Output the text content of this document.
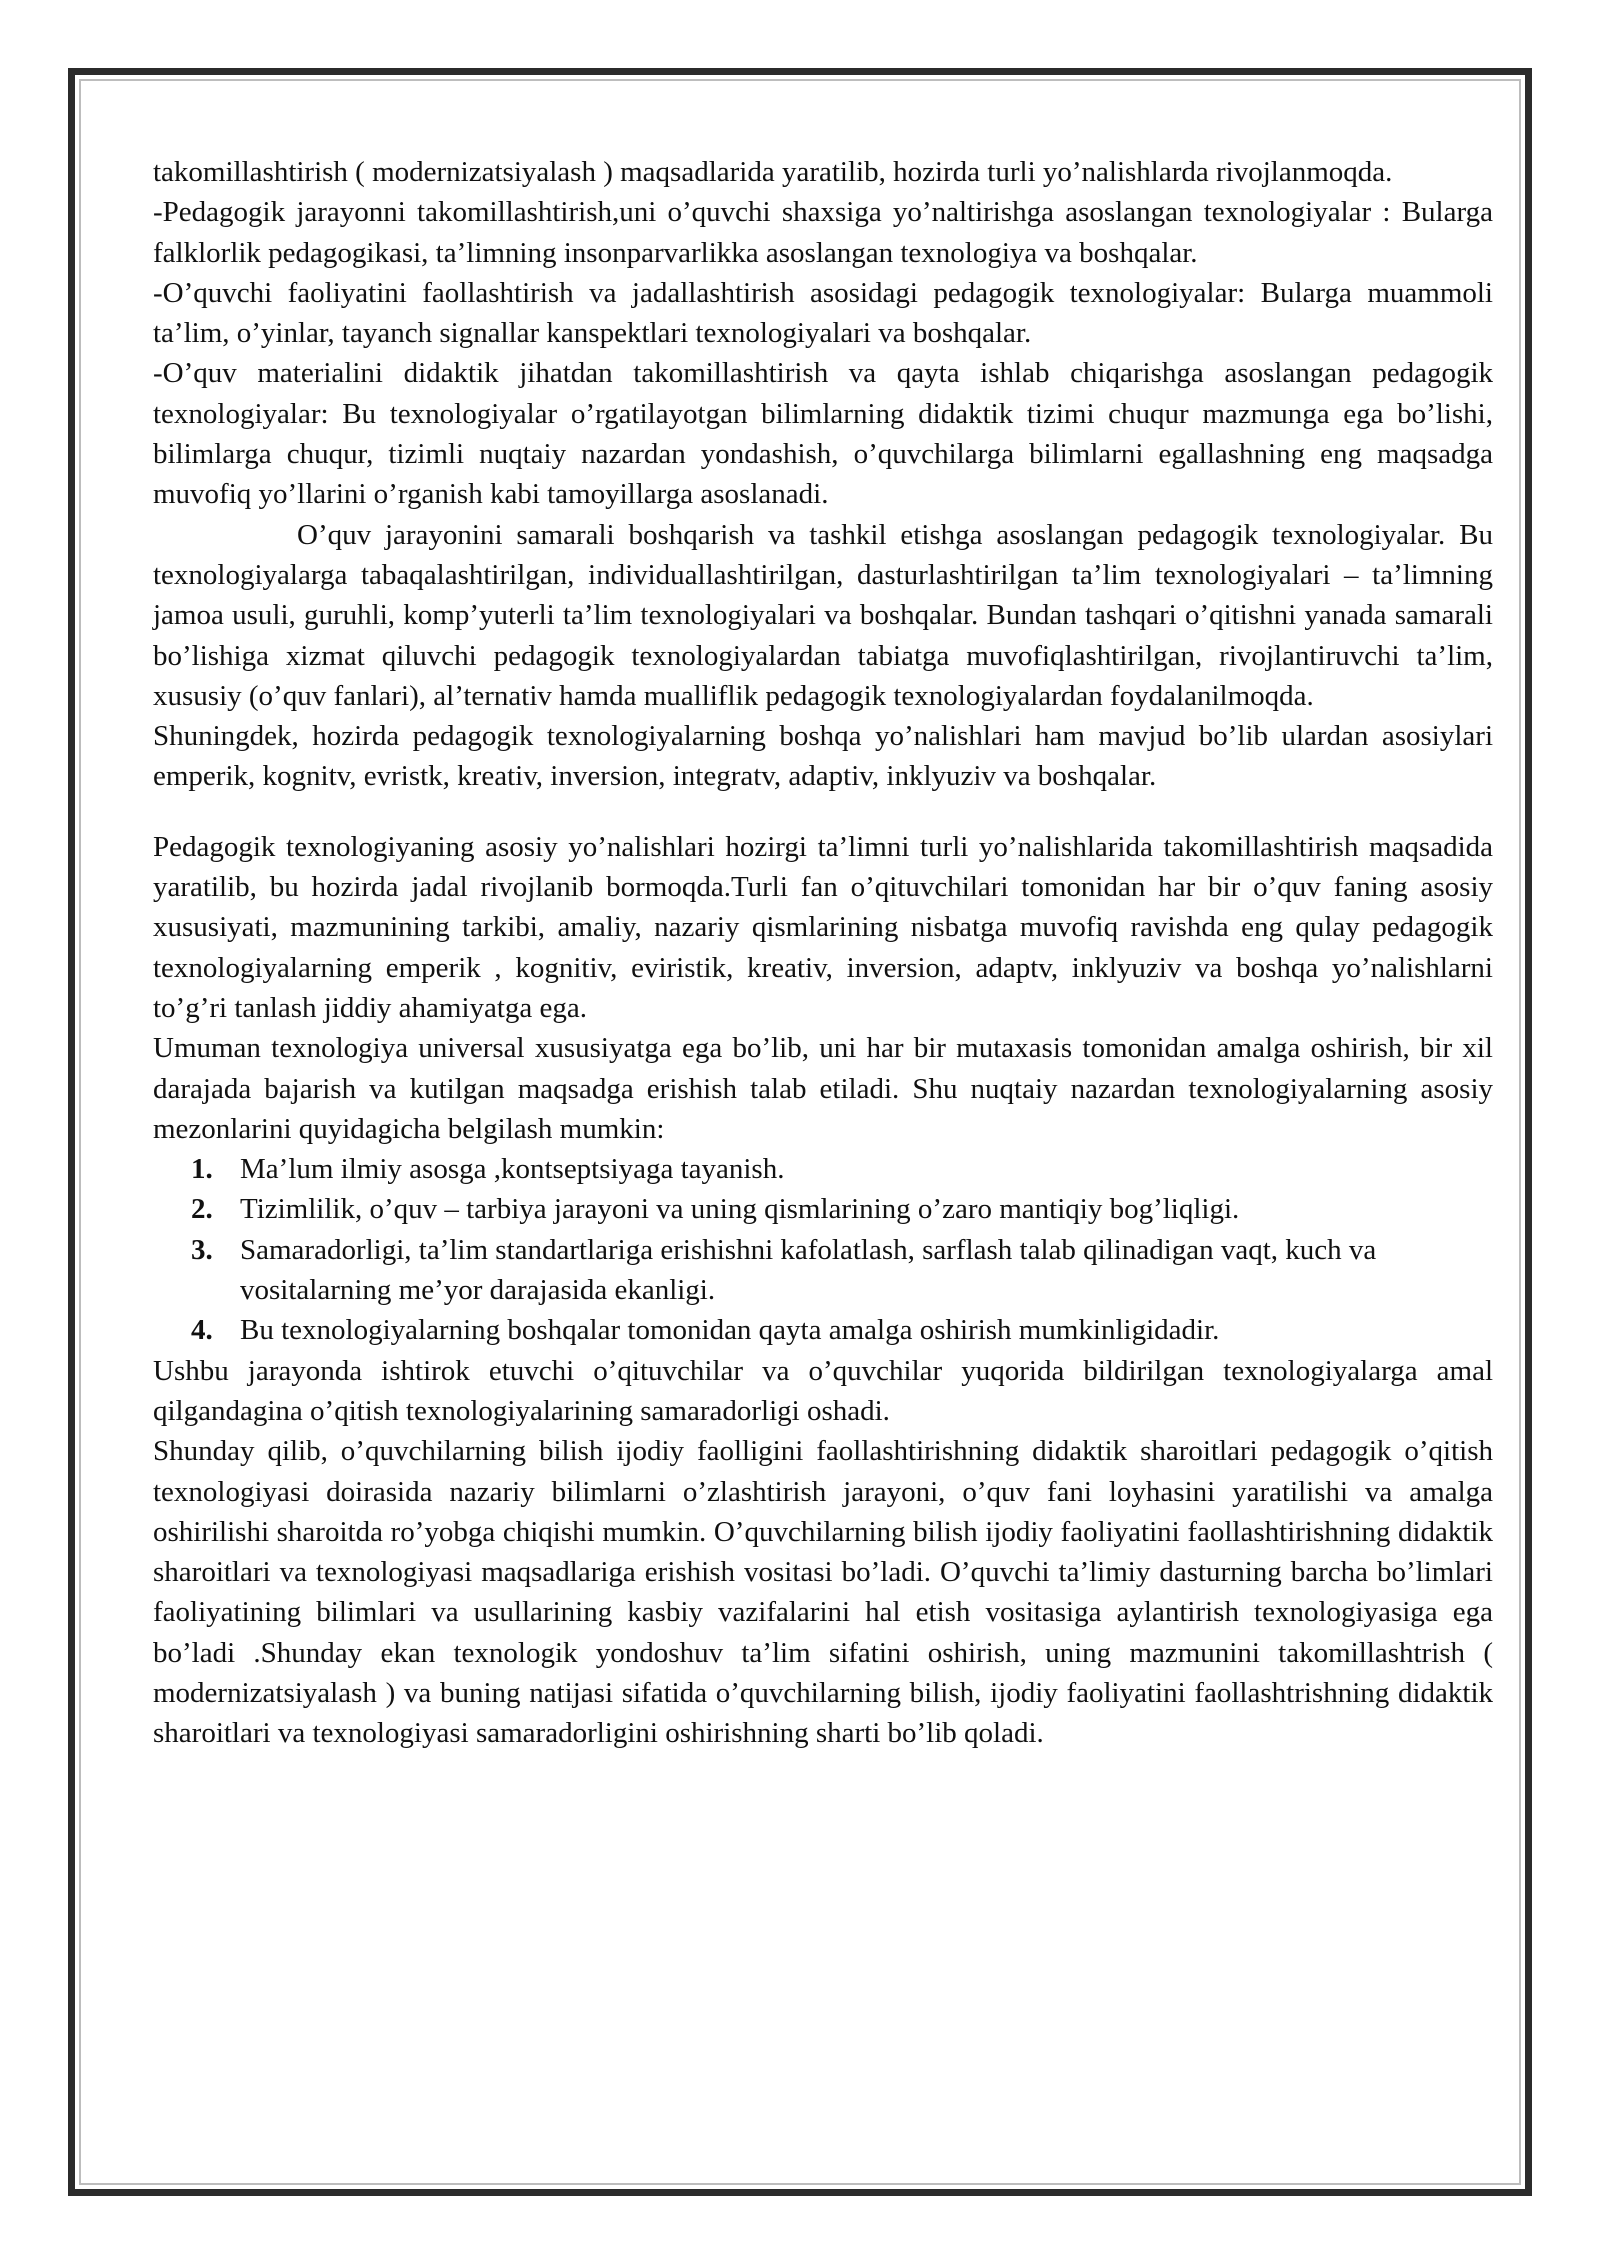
takomillashtirish ( modernizatsiyalash ) maqsadlarida yaratilib, hozirda turli yo’nalishlarda rivojlanmoqda.

-Pedagogik jarayonni takomillashtirish,uni o’quvchi shaxsiga yo’naltirishga asoslangan texnologiyalar : Bularga falklorlik pedagogikasi, ta’limning insonparvarlikka asoslangan texnologiya va boshqalar.

-O’quvchi faoliyatini faollashtirish va jadallashtirish asosidagi pedagogik texnologiyalar: Bularga muammoli ta’lim, o’yinlar, tayanch signallar kanspektlari texnologiyalari va boshqalar.

-O’quv materialini didaktik jihatdan takomillashtirish va qayta ishlab chiqarishga asoslangan pedagogik texnologiyalar: Bu texnologiyalar o’rgatilayotgan bilimlarning didaktik tizimi chuqur mazmunga ega bo’lishi, bilimlarga chuqur, tizimli nuqtaiy nazardan yondashish, o’quvchilarga bilimlarni egallashning eng maqsadga muvofiq yo’llarini o’rganish kabi tamoyillarga asoslanadi.

O’quv jarayonini samarali boshqarish va tashkil etishga asoslangan pedagogik texnologiyalar. Bu texnologiyalarga tabaqalashtirilgan, individuallashtirilgan, dasturlashtirilgan ta’lim texnologiyalari – ta’limning jamoa usuli, guruhli, komp’yuterli ta’lim texnologiyalari va boshqalar. Bundan tashqari o’qitishni yanada samarali bo’lishiga xizmat qiluvchi pedagogik texnologiyalardan tabiatga muvofiqlashtirilgan, rivojlantiruvchi ta’lim, xususiy (o’quv fanlari), al’ternativ hamda mualliflik pedagogik texnologiyalardan foydalanilmoqda.

Shuningdek, hozirda pedagogik texnologiyalarning boshqa yo’nalishlari ham mavjud bo’lib ulardan asosiylari emperik, kognitv, evristk, kreativ, inversion, integratv, adaptiv, inklyuziv va boshqalar.

Pedagogik texnologiyaning asosiy yo’nalishlari hozirgi ta’limni turli yo’nalishlarida takomillashtirish maqsadida yaratilib, bu hozirda jadal rivojlanib bormoqda.Turli fan o’qituvchilari tomonidan har bir o’quv faning asosiy xususiyati, mazmunining tarkibi, amaliy, nazariy qismlarining nisbatga muvofiq ravishda eng qulay pedagogik texnologiyalarning emperik , kognitiv, eviristik, kreativ, inversion, adaptv, inklyuziv va boshqa yo’nalishlarni to’g’ri tanlash jiddiy ahamiyatga ega.

Umuman texnologiya universal xususiyatga ega bo’lib, uni har bir mutaxasis tomonidan amalga oshirish, bir xil darajada bajarish va kutilgan maqsadga erishish talab etiladi. Shu nuqtaiy nazardan texnologiyalarning asosiy mezonlarini quyidagicha belgilash mumkin:

1. Ma’lum ilmiy asosga ,kontseptsiyaga tayanish.
2. Tizimlilik, o’quv – tarbiya jarayoni va uning qismlarining o’zaro mantiqiy bog’liqligi.
3. Samaradorligi, ta’lim standartlariga erishishni kafolatlash, sarflash talab qilinadigan vaqt, kuch va vositalarning me’yor darajasida ekanligi.
4. Bu texnologiyalarning boshqalar tomonidan qayta amalga oshirish mumkinligidadir.

Ushbu jarayonda ishtirok etuvchi o’qituvchilar va o’quvchilar yuqorida bildirilgan texnologiyalarga amal qilgandagina o’qitish texnologiyalarining samaradorligi oshadi.

Shunday qilib, o’quvchilarning bilish ijodiy faolligini faollashtirishning didaktik sharoitlari pedagogik o’qitish texnologiyasi doirasida nazariy bilimlarni o’zlashtirish jarayoni, o’quv fani loyhasini yaratilishi va amalga oshirilishi sharoitda ro’yobga chiqishi mumkin. O’quvchilarning bilish ijodiy faoliyatini faollashtirishning didaktik sharoitlari va texnologiyasi maqsadlariga erishish vositasi bo’ladi. O’quvchi ta’limiy dasturning barcha bo’limlari faoliyatining bilimlari va usullarining kasbiy vazifalarini hal etish vositasiga aylantirish texnologiyasiga ega bo’ladi .Shunday ekan texnologik yondoshuv ta’lim sifatini oshirish, uning mazmunini takomillashtrish ( modernizatsiyalash ) va buning natijasi sifatida o’quvchilarning bilish, ijodiy faoliyatini faollashtrishning didaktik sharoitlari va texnologiyasi samaradorligini oshirishning sharti bo’lib qoladi.
